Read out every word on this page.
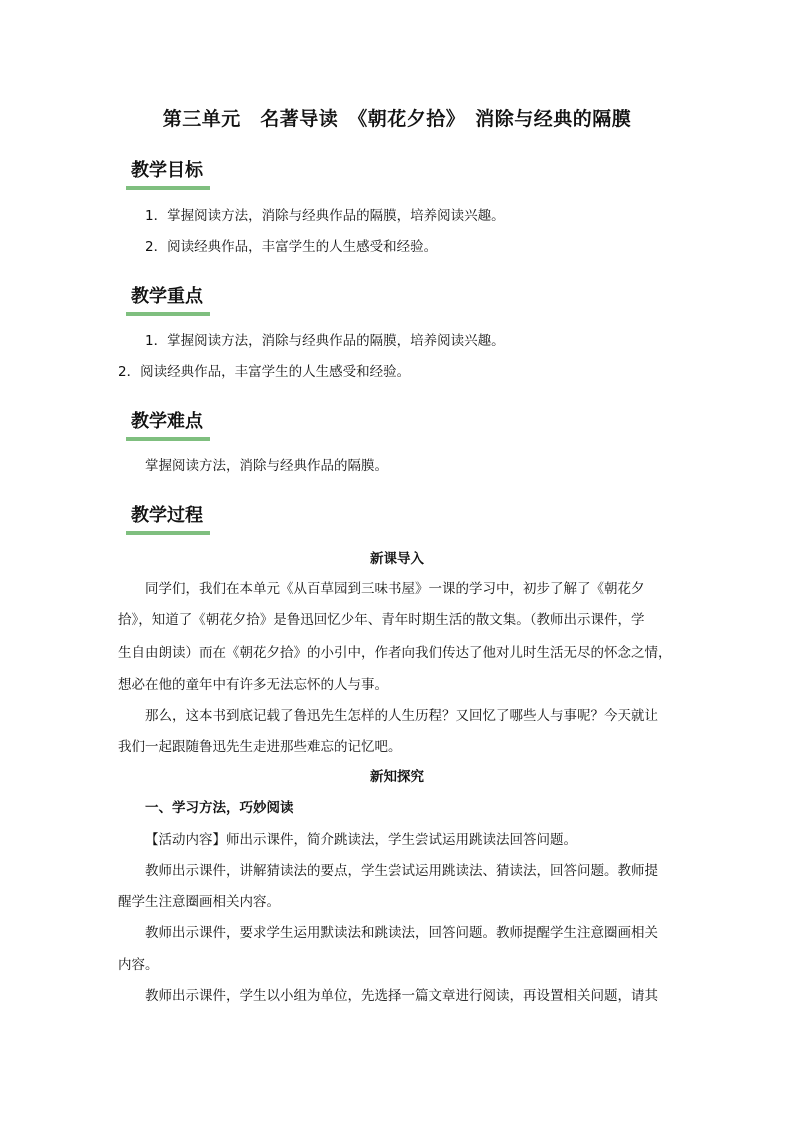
第三单元　名著导读　《朝花夕拾》　消除与经典的隔膜
教学目标
1．掌握阅读方法，消除与经典作品的隔膜，培养阅读兴趣。
2．阅读经典作品，丰富学生的人生感受和经验。
教学重点
1．掌握阅读方法，消除与经典作品的隔膜，培养阅读兴趣。
2．阅读经典作品，丰富学生的人生感受和经验。
教学难点
掌握阅读方法，消除与经典作品的隔膜。
教学过程
新课导入
同学们，我们在本单元《从百草园到三味书屋》一课的学习中，初步了解了《朝花夕
拾》，知道了《朝花夕拾》是鲁迅回忆少年、青年时期生活的散文集。（教师出示课件，学
生自由朗读）而在《朝花夕拾》的小引中，作者向我们传达了他对儿时生活无尽的怀念之情，
想必在他的童年中有许多无法忘怀的人与事。
那么，这本书到底记载了鲁迅先生怎样的人生历程？又回忆了哪些人与事呢？今天就让
我们一起跟随鲁迅先生走进那些难忘的记忆吧。
新知探究
一、学习方法，巧妙阅读
【活动内容】师出示课件，简介跳读法，学生尝试运用跳读法回答问题。
教师出示课件，讲解猜读法的要点，学生尝试运用跳读法、猜读法，回答问题。教师提
醒学生注意圈画相关内容。
教师出示课件，要求学生运用默读法和跳读法，回答问题。教师提醒学生注意圈画相关
内容。
教师出示课件，学生以小组为单位，先选择一篇文章进行阅读，再设置相关问题，请其
